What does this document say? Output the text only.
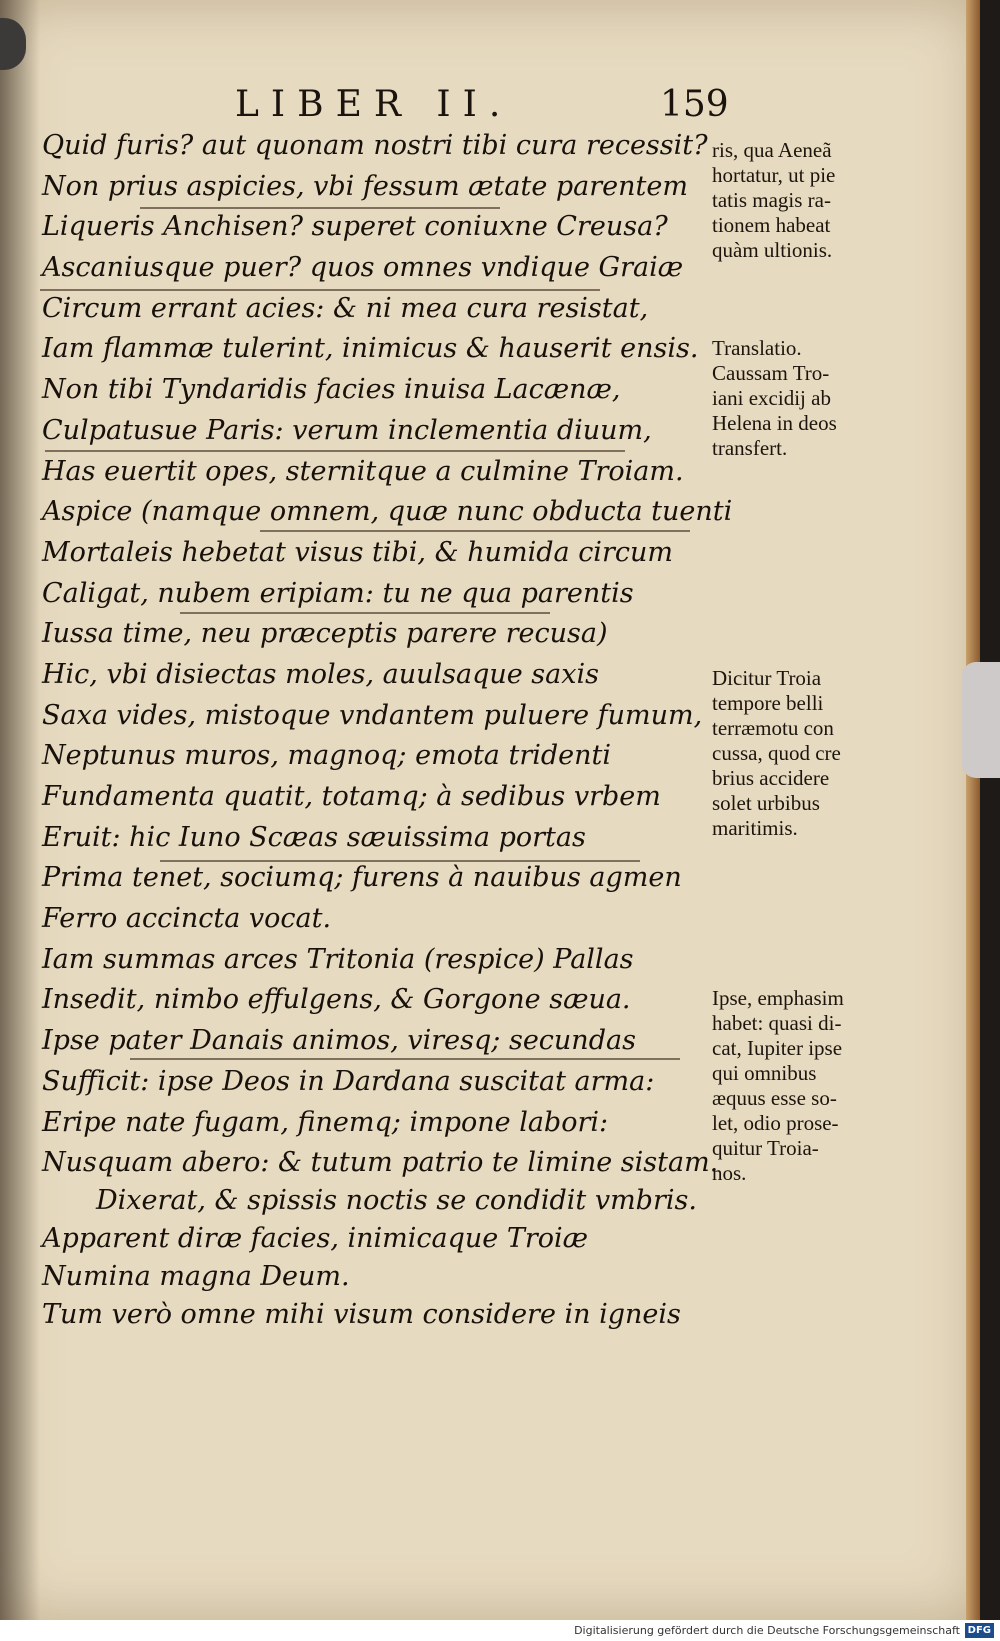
LIBER II.	159
Quid furis? aut quonam nostri tibi cura recessit?
Non prius aspicies, vbi fessum ætate parentem
Liqueris Anchisen? superet coniuxne Creusa?
Ascaniusque puer? quos omnes vndique Graiæ
Circum errant acies: & ni mea cura resistat,
Iam flammæ tulerint, inimicus & hauserit ensis.
Non tibi Tyndaridis facies inuisa Lacænæ,
Culpatusue Paris: verum inclementia diuum,
Has euertit opes, sternitque a culmine Troiam.
Aspice (namque omnem, quæ nunc obducta tuenti
Mortaleis hebetat visus tibi, & humida circum
Caligat, nubem eripiam: tu ne qua parentis
Iussa time, neu præceptis parere recusa)
Hic, vbi disiectas moles, auulsaque saxis
Saxa vides, mistoque vndantem puluere fumum,
Neptunus muros, magnoq; emota tridenti
Fundamenta quatit, totamq; à sedibus vrbem
Eruit: hic Iuno Scæas sæuissima portas
Prima tenet, sociumq; furens à nauibus agmen
Ferro accincta vocat.
Iam summas arces Tritonia (respice) Pallas
Insedit, nimbo effulgens, & Gorgone sæua.
Ipse pater Danais animos, viresq; secundas
Sufficit: ipse Deos in Dardana suscitat arma:
Eripe nate fugam, finemq; impone labori:
Nusquam abero: & tutum patrio te limine sistam.
Dixerat, & spissis noctis se condidit vmbris.
Apparent diræ facies, inimicaque Troiæ
Numina magna Deum.
Tum verò omne mihi visum considere in igneis
ris, qua Aeneã
hortatur, ut pie
tatis magis ra-
tionem habeat
quàm ultionis.
Translatio.
Caussam Tro-
iani excidij ab
Helena in deos
transfert.
Dicitur Troia
tempore belli
terræmotu con
cussa, quod cre
brius accidere
solet urbibus
maritimis.
Ipse, emphasim
habet: quasi di-
cat, Iupiter ipse
qui omnibus
æquus esse so-
let, odio prose-
quitur Troia-
nos.
Digitalisierung gefördert durch die Deutsche Forschungsgemeinschaft DFG
